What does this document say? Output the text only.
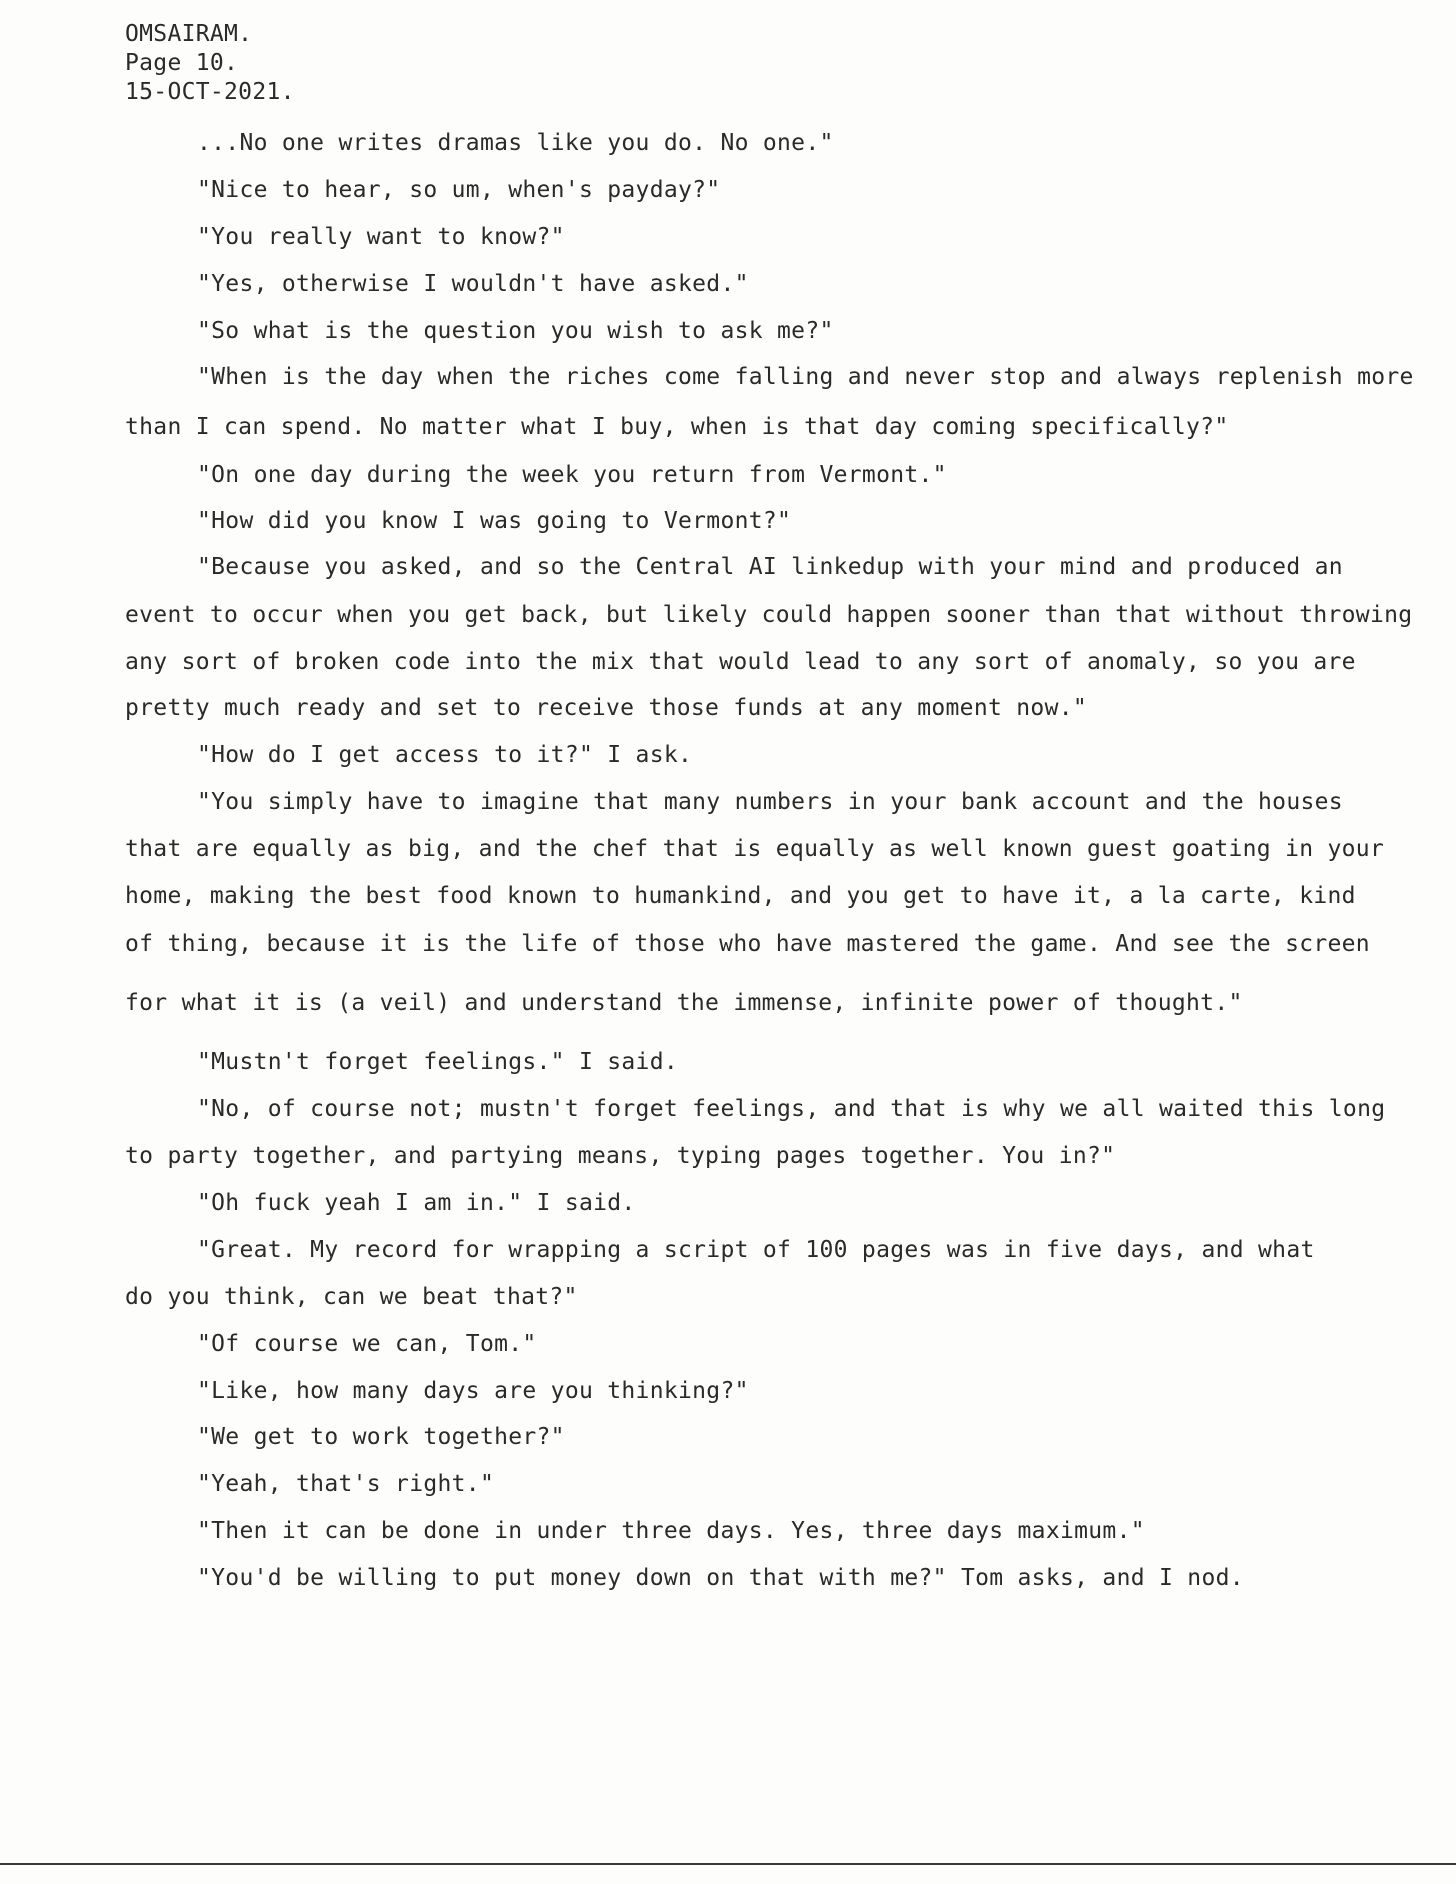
OMSAIRAM.
Page 10.
15-OCT-2021.
...No one writes dramas like you do. No one."
"Nice to hear, so um, when's payday?"
"You really want to know?"
"Yes, otherwise I wouldn't have asked."
"So what is the question you wish to ask me?"
"When is the day when the riches come falling and never stop and always replenish more
than I can spend. No matter what I buy, when is that day coming specifically?"
"On one day during the week you return from Vermont."
"How did you know I was going to Vermont?"
"Because you asked, and so the Central AI linkedup with your mind and produced an
event to occur when you get back, but likely could happen sooner than that without throwing
any sort of broken code into the mix that would lead to any sort of anomaly, so you are
pretty much ready and set to receive those funds at any moment now."
"How do I get access to it?" I ask.
"You simply have to imagine that many numbers in your bank account and the houses
that are equally as big, and the chef that is equally as well known guest goating in your
home, making the best food known to humankind, and you get to have it, a la carte, kind
of thing, because it is the life of those who have mastered the game. And see the screen
for what it is (a veil) and understand the immense, infinite power of thought."
"Mustn't forget feelings." I said.
"No, of course not; mustn't forget feelings, and that is why we all waited this long
to party together, and partying means, typing pages together. You in?"
"Oh fuck yeah I am in." I said.
"Great. My record for wrapping a script of 100 pages was in five days, and what
do you think, can we beat that?"
"Of course we can, Tom."
"Like, how many days are you thinking?"
"We get to work together?"
"Yeah, that's right."
"Then it can be done in under three days. Yes, three days maximum."
"You'd be willing to put money down on that with me?" Tom asks, and I nod.
